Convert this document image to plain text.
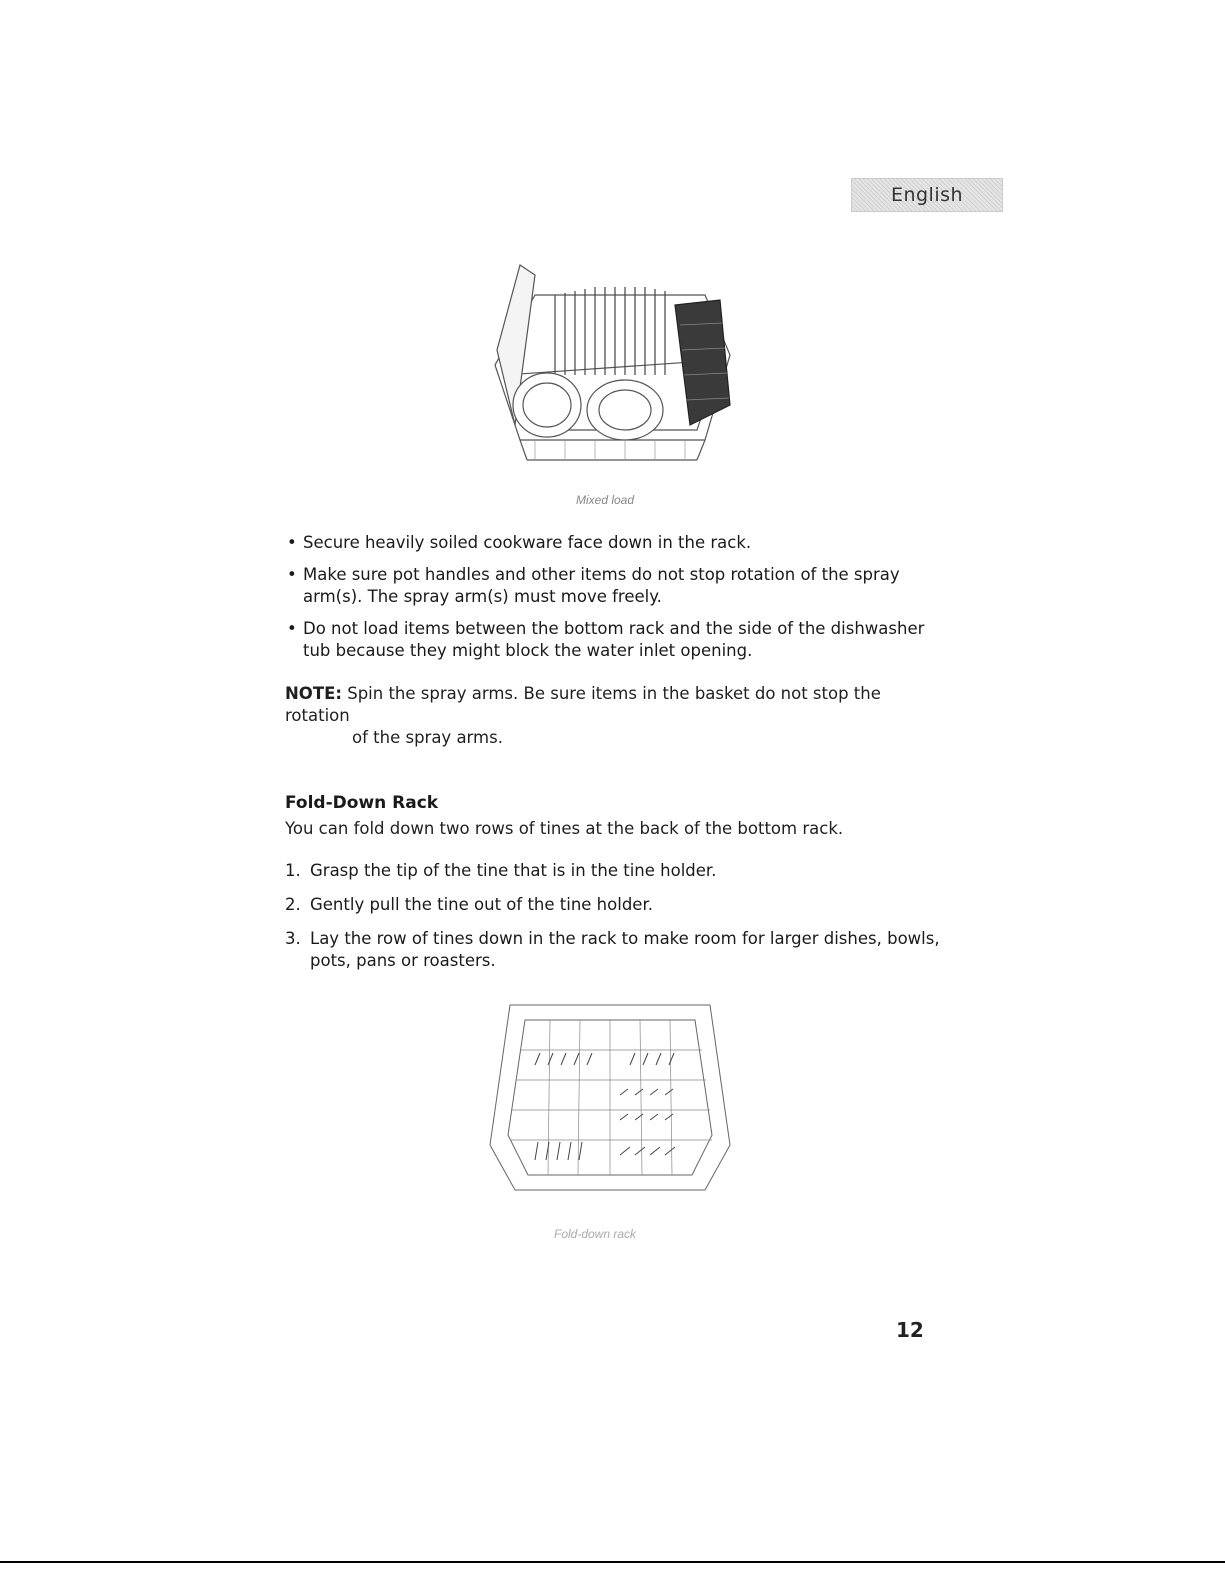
English
Mixed load
• Secure heavily soiled cookware face down in the rack.
• Make sure pot handles and other items do not stop rotation of the spray arm(s). The spray arm(s) must move freely.
• Do not load items between the bottom rack and the side of the dishwasher tub because they might block the water inlet opening.
NOTE: Spin the spray arms. Be sure items in the basket do not stop the rotation
of the spray arms.
Fold-Down Rack
You can fold down two rows of tines at the back of the bottom rack.
1. Grasp the tip of the tine that is in the tine holder.
2. Gently pull the tine out of the tine holder.
3. Lay the row of tines down in the rack to make room for larger dishes, bowls, pots, pans or roasters.
Fold-down rack
12
